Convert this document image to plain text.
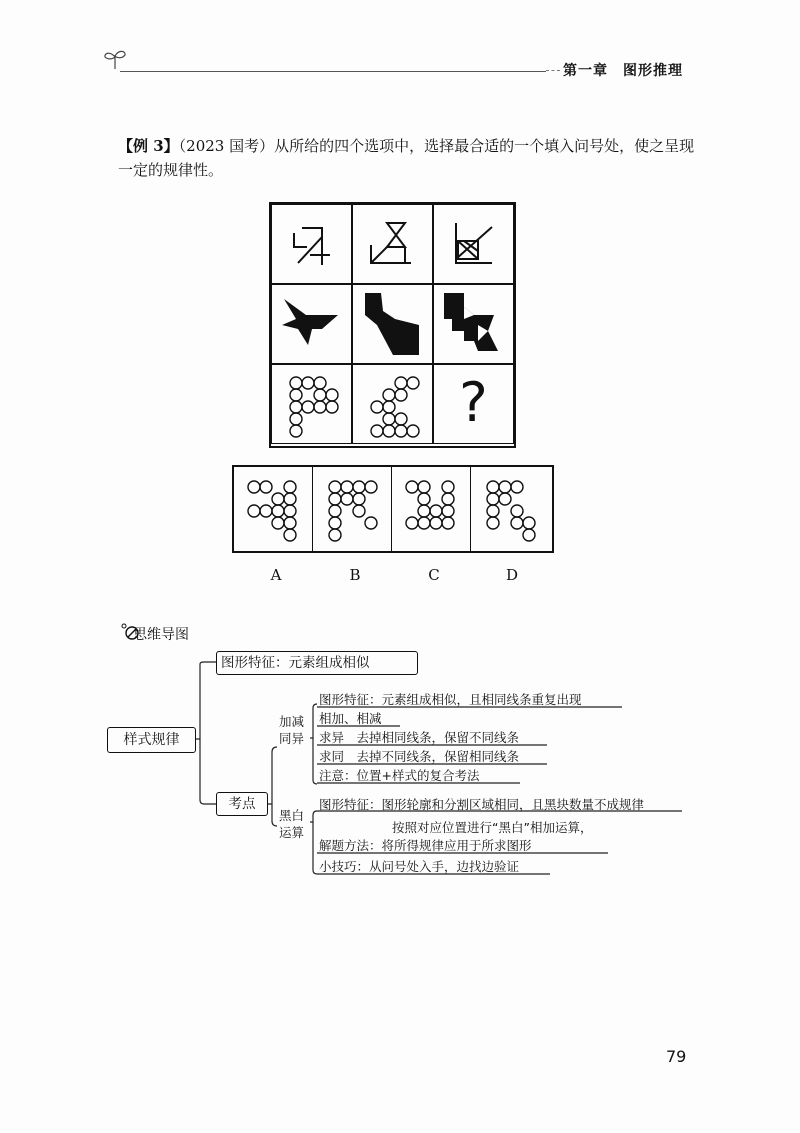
第一章　图形推理
【例 3】（2023 国考）从所给的四个选项中，选择最合适的一个填入问号处，使之呈现一定的规律性。
?
A	B	C	D
思维导图
样式规律
图形特征：元素组成相似
考点
加减
同异
黑白
运算
图形特征：元素组成相似，且相同线条重复出现
相加、相减
求异　去掉相同线条，保留不同线条
求同　去掉不同线条，保留相同线条
注意：位置+样式的复合考法
图形特征：图形轮廓和分割区域相同，且黑块数量不成规律
按照对应位置进行“黑白”相加运算，
解题方法：将所得规律应用于所求图形
小技巧：从问号处入手，边找边验证
79
